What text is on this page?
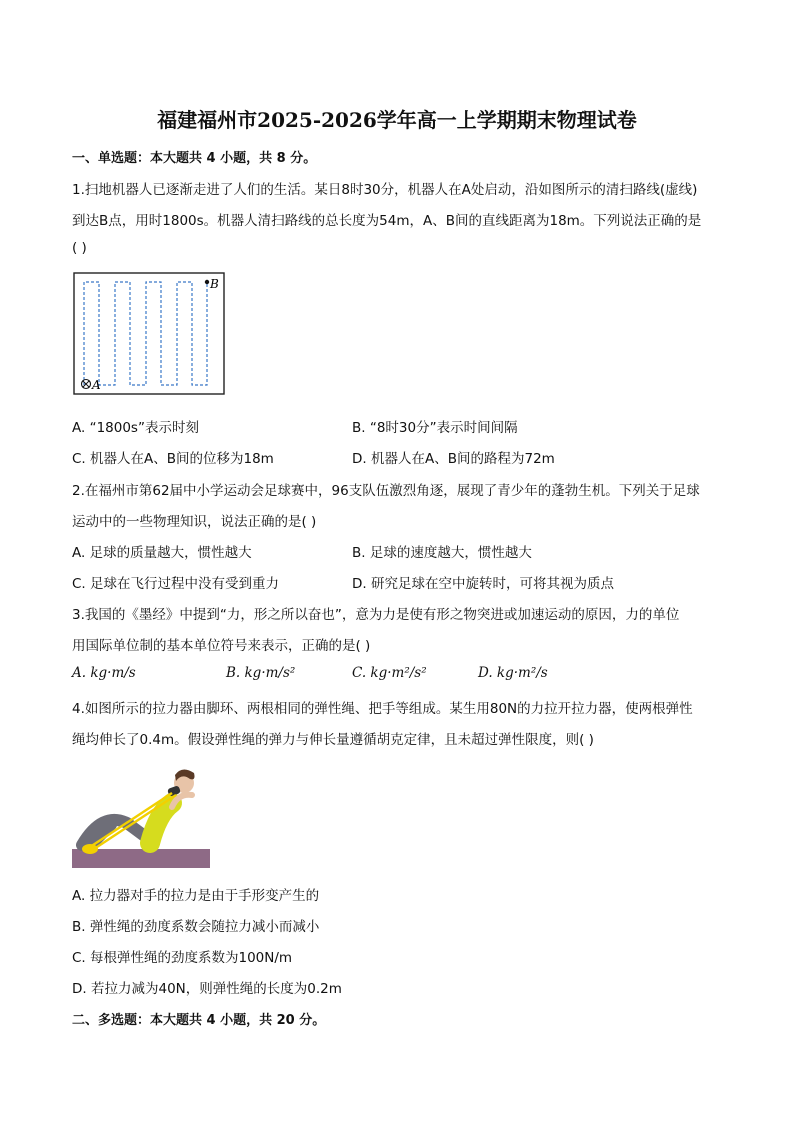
福建福州市2025-2026学年高一上学期期末物理试卷
一、单选题：本大题共 4 小题，共 8 分。
1.扫地机器人已逐渐走进了人们的生活。某日8时30分，机器人在A处启动，沿如图所示的清扫路线(虚线)
到达B点，用时1800s。机器人清扫路线的总长度为54m，A、B间的直线距离为18m。下列说法正确的是
( )
A
B
A. “1800s”表示时刻	B. “8时30分”表示时间间隔
C. 机器人在A、B间的位移为18m	D. 机器人在A、B间的路程为72m
2.在福州市第62届中小学运动会足球赛中，96支队伍激烈角逐，展现了青少年的蓬勃生机。下列关于足球
运动中的一些物理知识，说法正确的是( )
A. 足球的质量越大，惯性越大	B. 足球的速度越大，惯性越大
C. 足球在飞行过程中没有受到重力	D. 研究足球在空中旋转时，可将其视为质点
3.我国的《墨经》中提到“力，形之所以奋也”，意为力是使有形之物突进或加速运动的原因，力的单位
用国际单位制的基本单位符号来表示，正确的是( )
A. kg·m/s	B. kg·m/s²	C. kg·m²/s²	D. kg·m²/s
4.如图所示的拉力器由脚环、两根相同的弹性绳、把手等组成。某生用80N的力拉开拉力器，使两根弹性
绳均伸长了0.4m。假设弹性绳的弹力与伸长量遵循胡克定律，且未超过弹性限度，则( )
A. 拉力器对手的拉力是由于手形变产生的
B. 弹性绳的劲度系数会随拉力减小而减小
C. 每根弹性绳的劲度系数为100N/m
D. 若拉力减为40N，则弹性绳的长度为0.2m
二、多选题：本大题共 4 小题，共 20 分。
